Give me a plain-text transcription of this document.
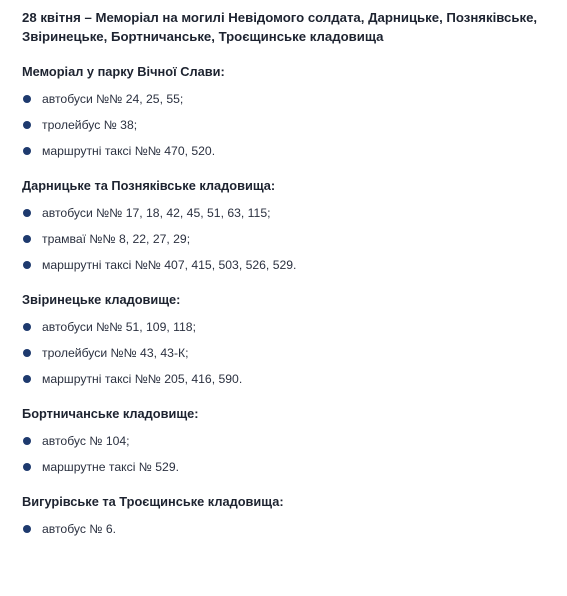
28 квітня – Меморіал на могилі Невідомого солдата, Дарницьке, Позняківське, Звіринецьке, Бортничанське, Троєщинське кладовища

Меморіал у парку Вічної Слави:

автобуси №№ 24, 25, 55;
тролейбус № 38;
маршрутні таксі №№ 470, 520.

Дарницьке та Позняківське кладовища:

автобуси №№ 17, 18, 42, 45, 51, 63, 115;
трамваї №№ 8, 22, 27, 29;
маршрутні таксі №№ 407, 415, 503, 526, 529.

Звіринецьке кладовище:

автобуси №№ 51, 109, 118;
тролейбуси №№ 43, 43-К;
маршрутні таксі №№ 205, 416, 590.

Бортничанське кладовище:

автобус № 104;
маршрутне таксі № 529.

Вигурівське та Троєщинське кладовища:

автобус № 6.
